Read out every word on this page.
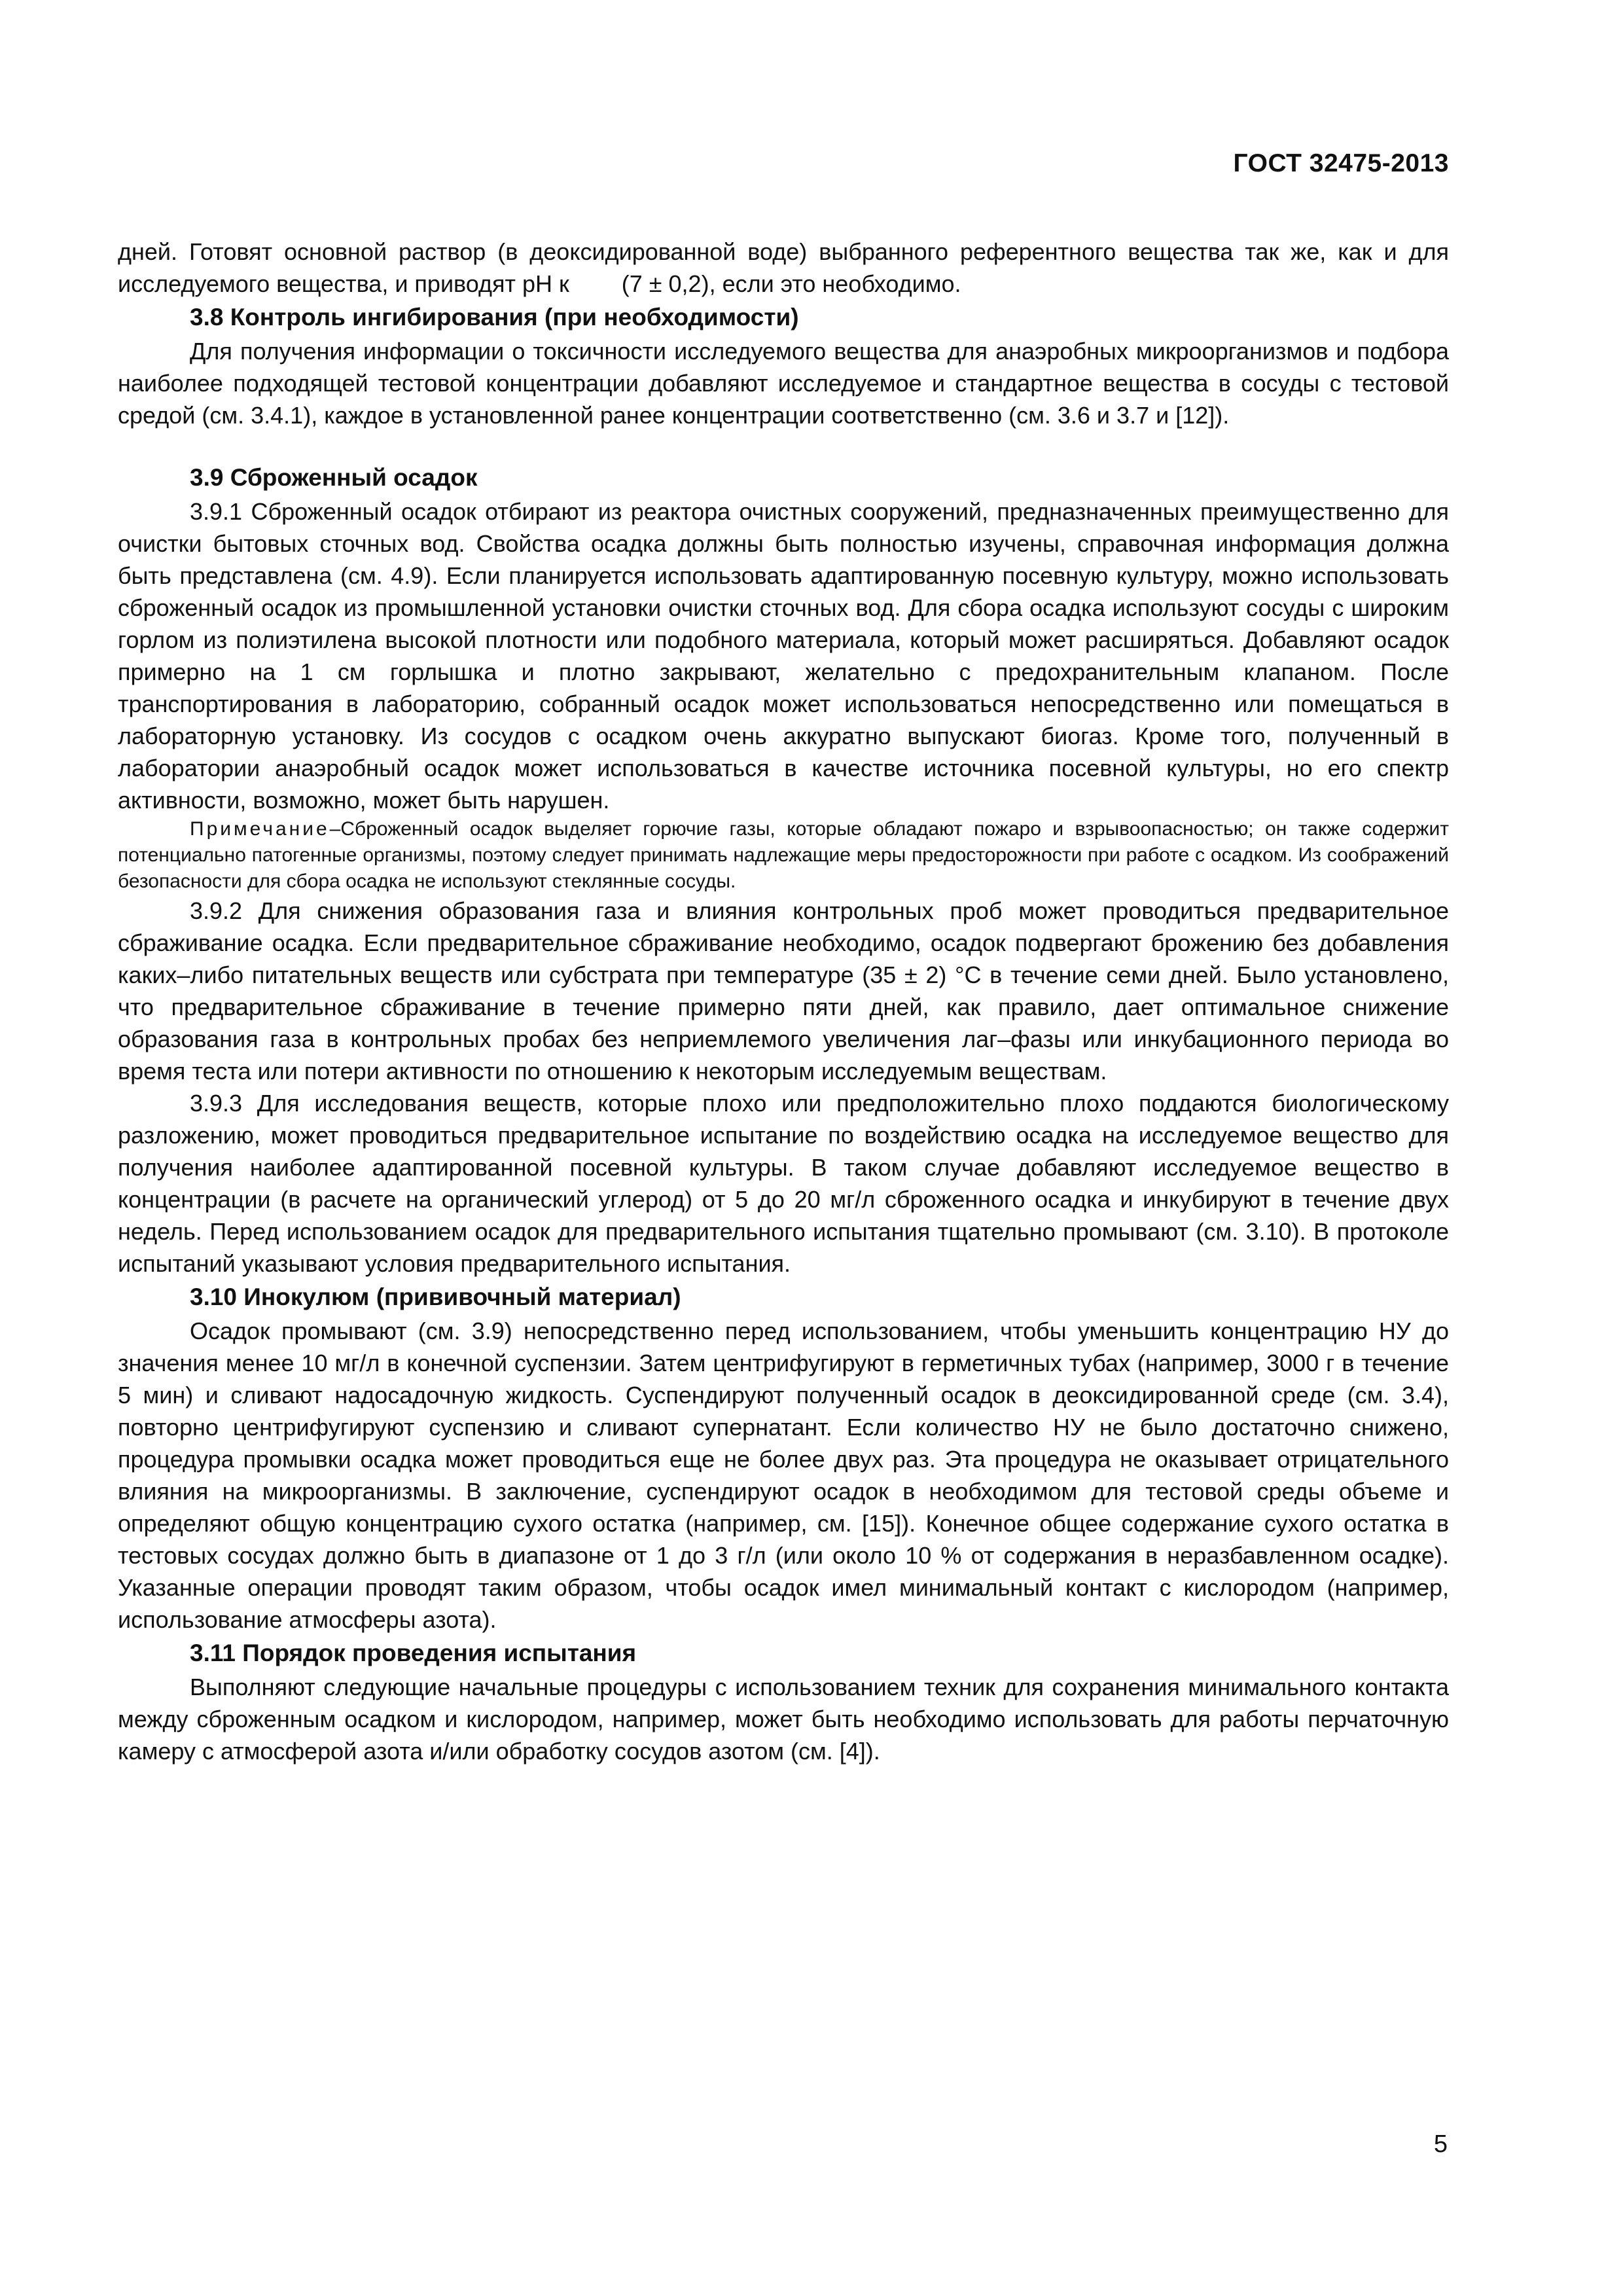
ГОСТ 32475-2013

дней. Готовят основной раствор (в деоксидированной воде) выбранного референтного вещества так же, как и для исследуемого вещества, и приводят рН к (7 ± 0,2), если это необходимо.

3.8 Контроль ингибирования (при необходимости)

Для получения информации о токсичности исследуемого вещества для анаэробных микроорганизмов и подбора наиболее подходящей тестовой концентрации добавляют исследуемое и стандартное вещества в сосуды с тестовой средой (см. 3.4.1), каждое в установленной ранее концентрации соответственно (см. 3.6 и 3.7 и [12]).

3.9 Сброженный осадок

3.9.1 Сброженный осадок отбирают из реактора очистных сооружений, предназначенных преимущественно для очистки бытовых сточных вод. Свойства осадка должны быть полностью изучены, справочная информация должна быть представлена (см. 4.9). Если планируется использовать адаптированную посевную культуру, можно использовать сброженный осадок из промышленной установки очистки сточных вод. Для сбора осадка используют сосуды с широким горлом из полиэтилена высокой плотности или подобного материала, который может расширяться. Добавляют осадок примерно на 1 см горлышка и плотно закрывают, желательно с предохранительным клапаном. После транспортирования в лабораторию, собранный осадок может использоваться непосредственно или помещаться в лабораторную установку. Из сосудов с осадком очень аккуратно выпускают биогаз. Кроме того, полученный в лаборатории анаэробный осадок может использоваться в качестве источника посевной культуры, но его спектр активности, возможно, может быть нарушен.

Примечание–Сброженный осадок выделяет горючие газы, которые обладают пожаро и взрывоопасностью; он также содержит потенциально патогенные организмы, поэтому следует принимать надлежащие меры предосторожности при работе с осадком. Из соображений безопасности для сбора осадка не используют стеклянные сосуды.

3.9.2 Для снижения образования газа и влияния контрольных проб может проводиться предварительное сбраживание осадка. Если предварительное сбраживание необходимо, осадок подвергают брожению без добавления каких–либо питательных веществ или субстрата при температуре (35 ± 2) °С в течение семи дней. Было установлено, что предварительное сбраживание в течение примерно пяти дней, как правило, дает оптимальное снижение образования газа в контрольных пробах без неприемлемого увеличения лаг–фазы или инкубационного периода во время теста или потери активности по отношению к некоторым исследуемым веществам.

3.9.3 Для исследования веществ, которые плохо или предположительно плохо поддаются биологическому разложению, может проводиться предварительное испытание по воздействию осадка на исследуемое вещество для получения наиболее адаптированной посевной культуры. В таком случае добавляют исследуемое вещество в концентрации (в расчете на органический углерод) от 5 до 20 мг/л сброженного осадка и инкубируют в течение двух недель. Перед использованием осадок для предварительного испытания тщательно промывают (см. 3.10). В протоколе испытаний указывают условия предварительного испытания.

3.10 Инокулюм (прививочный материал)

Осадок промывают (см. 3.9) непосредственно перед использованием, чтобы уменьшить концентрацию НУ до значения менее 10 мг/л в конечной суспензии. Затем центрифугируют в герметичных тубах (например, 3000 г в течение 5 мин) и сливают надосадочную жидкость. Суспендируют полученный осадок в деоксидированной среде (см. 3.4), повторно центрифугируют суспензию и сливают супернатант. Если количество НУ не было достаточно снижено, процедура промывки осадка может проводиться еще не более двух раз. Эта процедура не оказывает отрицательного влияния на микроорганизмы. В заключение, суспендируют осадок в необходимом для тестовой среды объеме и определяют общую концентрацию сухого остатка (например, см. [15]). Конечное общее содержание сухого остатка в тестовых сосудах должно быть в диапазоне от 1 до 3 г/л (или около 10 % от содержания в неразбавленном осадке). Указанные операции проводят таким образом, чтобы осадок имел минимальный контакт с кислородом (например, использование атмосферы азота).

3.11 Порядок проведения испытания

Выполняют следующие начальные процедуры с использованием техник для сохранения минимального контакта между сброженным осадком и кислородом, например, может быть необходимо использовать для работы перчаточную камеру с атмосферой азота и/или обработку сосудов азотом (см. [4]).

5
